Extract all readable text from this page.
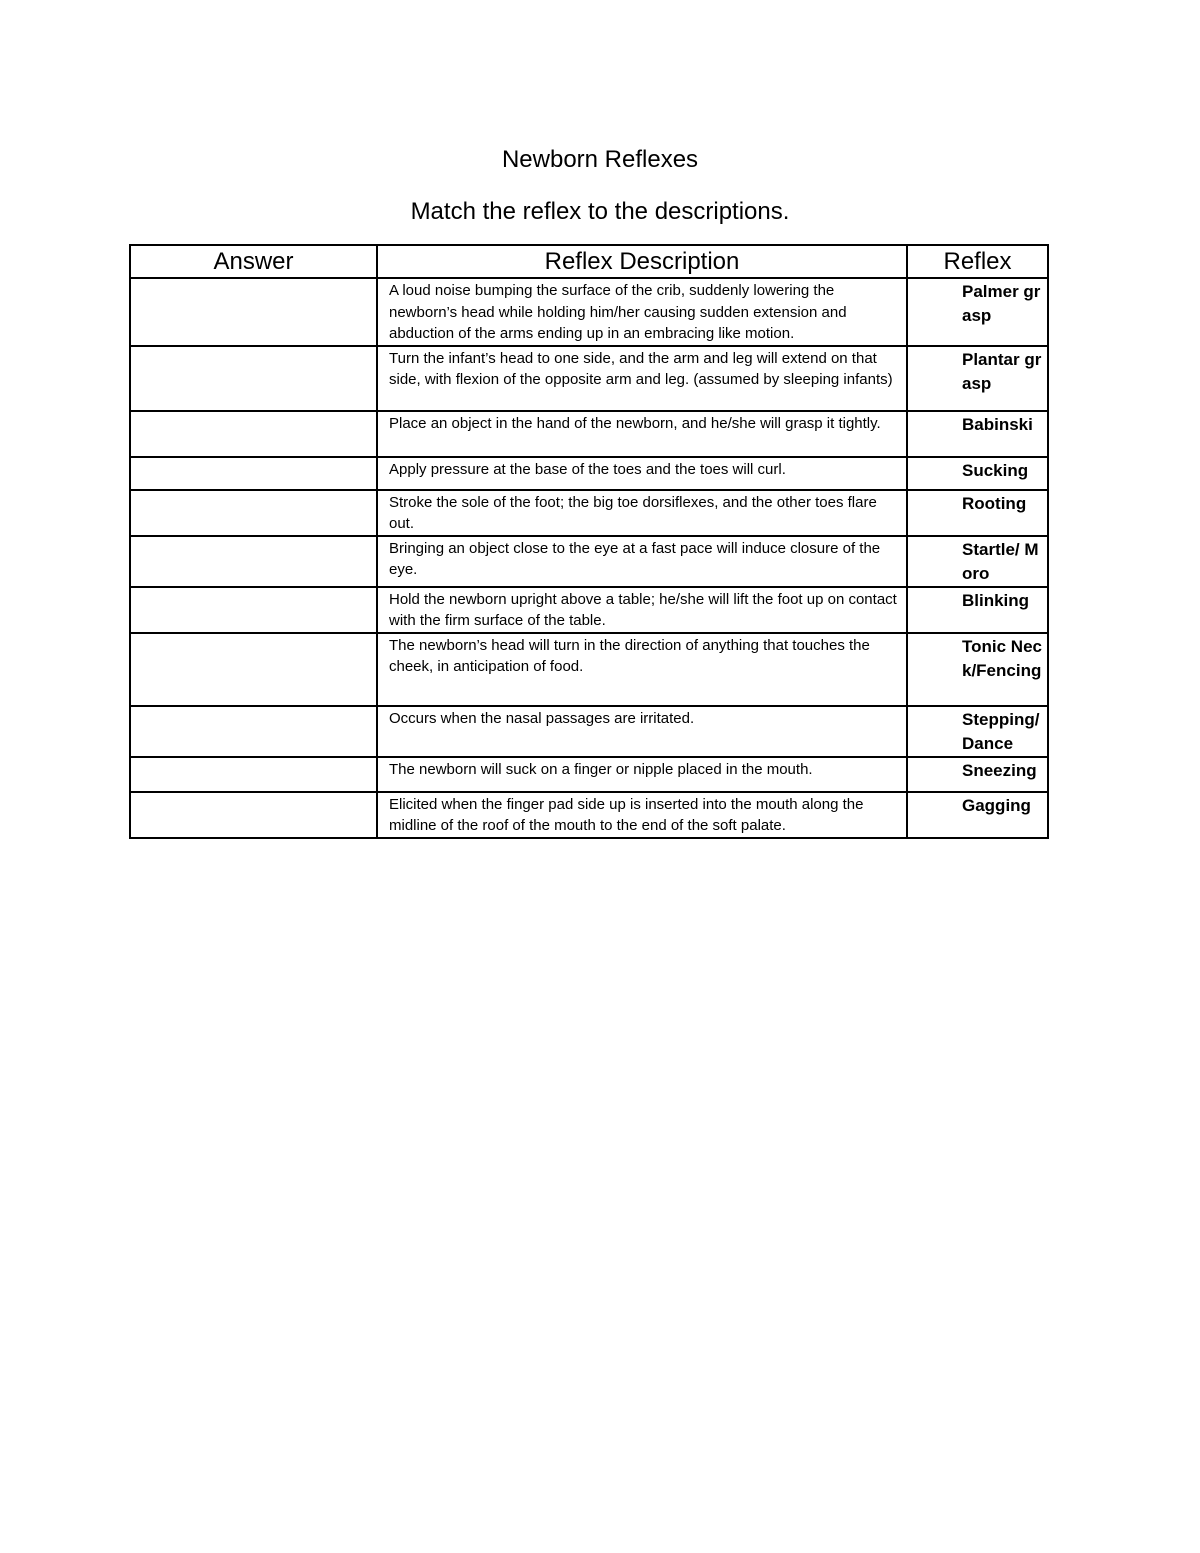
Newborn Reflexes
Match the reflex to the descriptions.
Answer	Reflex Description	Reflex
	A loud noise bumping the surface of the crib, suddenly lowering the newborn’s head while holding him/her causing sudden extension and abduction of the arms ending up in an embracing like motion.	Palmer grasp
	Turn the infant’s head to one side, and the arm and leg will extend on that side, with flexion of the opposite arm and leg. (assumed by sleeping infants)	Plantar grasp
	Place an object in the hand of the newborn, and he/she will grasp it tightly.	Babinski
	Apply pressure at the base of the toes and the toes will curl.	Sucking
	Stroke the sole of the foot; the big toe dorsiflexes, and the other toes flare out.	Rooting
	Bringing an object close to the eye at a fast pace will induce closure of the eye.	Startle/ Moro
	Hold the newborn upright above a table; he/she will lift the foot up on contact with the firm surface of the table.	Blinking
	The newborn’s head will turn in the direction of anything that touches the cheek, in anticipation of food.	Tonic Neck/Fencing
	Occurs when the nasal passages are irritated.	Stepping/Dance
	The newborn will suck on a finger or nipple placed in the mouth.	Sneezing
	Elicited when the finger pad side up is inserted into the mouth along the midline of the roof of the mouth to the end of the soft palate.	Gagging
